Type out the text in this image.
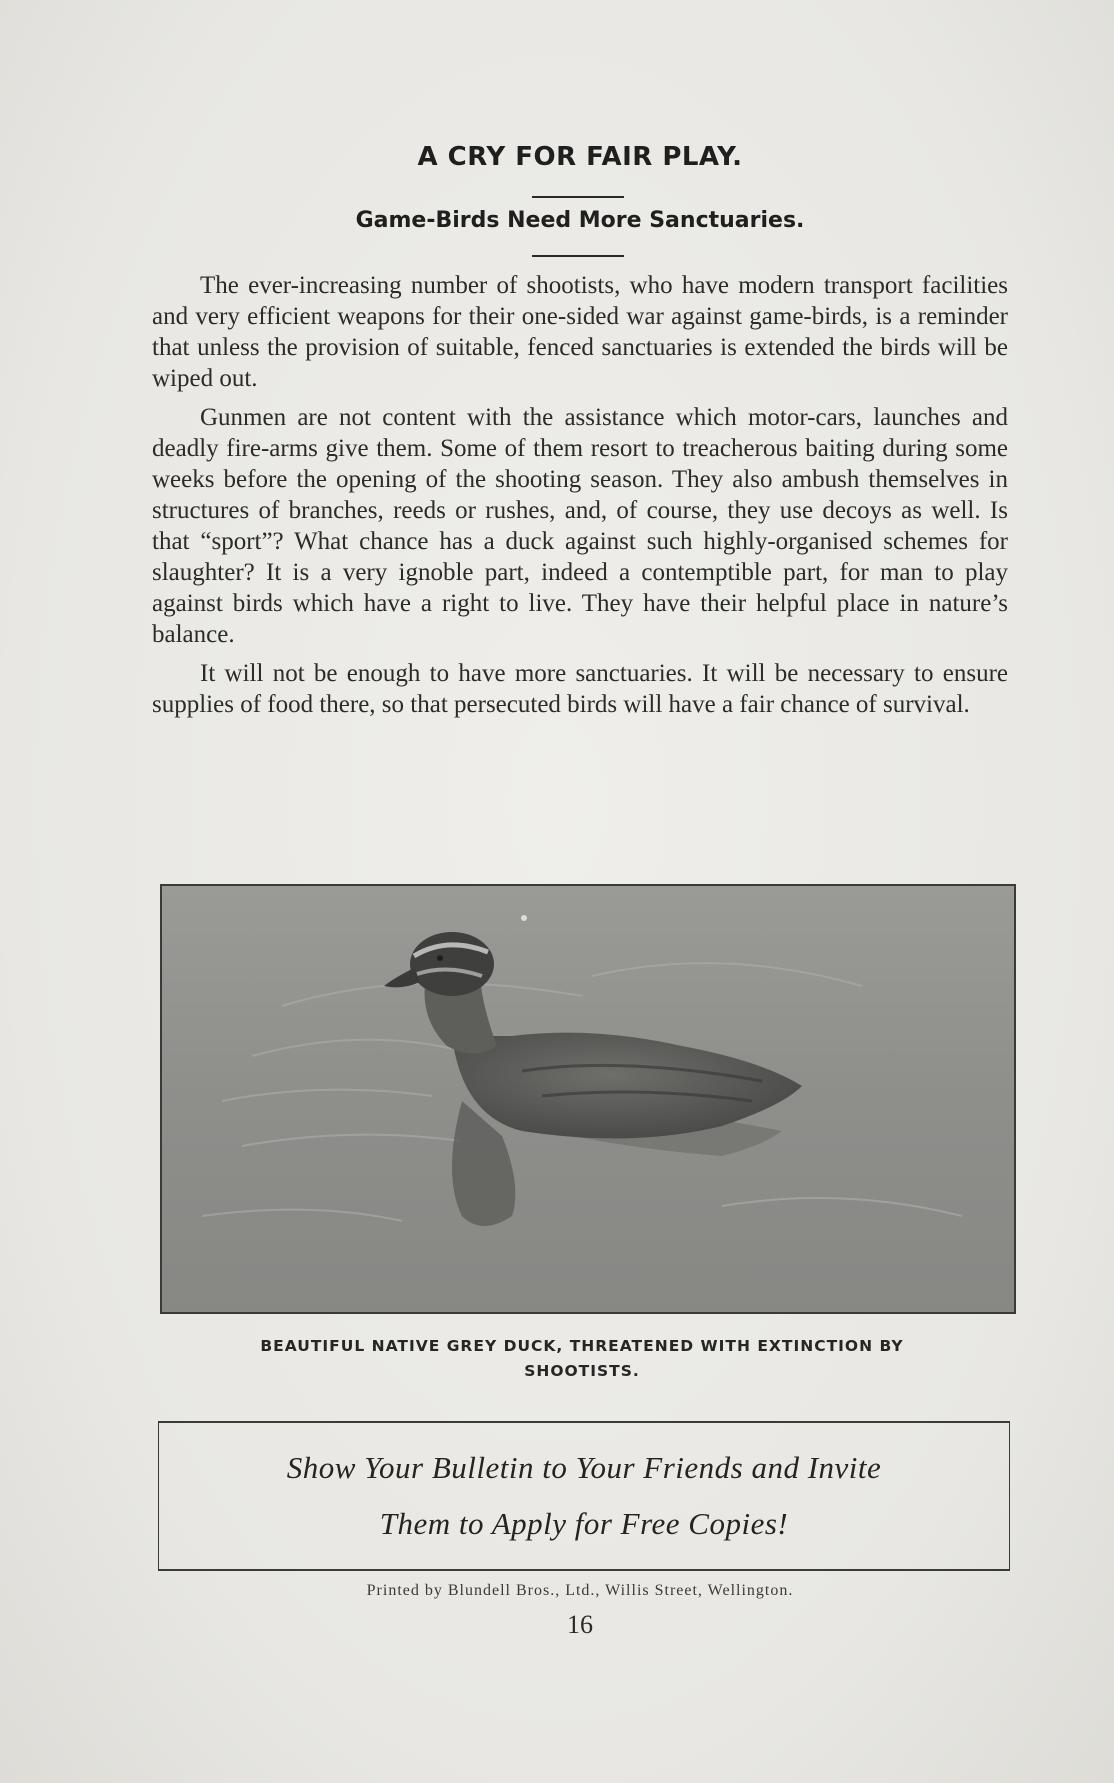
A CRY FOR FAIR PLAY.
Game-Birds Need More Sanctuaries.

The ever-increasing number of shootists, who have modern transport facilities and very efficient weapons for their one-sided war against game-birds, is a reminder that unless the provision of suitable, fenced sanctuaries is extended the birds will be wiped out.

Gunmen are not content with the assistance which motor-cars, launches and deadly fire-arms give them. Some of them resort to treacherous baiting during some weeks before the opening of the shooting season. They also ambush themselves in structures of branches, reeds or rushes, and, of course, they use decoys as well. Is that “sport”? What chance has a duck against such highly-organised schemes for slaughter? It is a very ignoble part, indeed a contemptible part, for man to play against birds which have a right to live. They have their helpful place in nature’s balance.

It will not be enough to have more sanctuaries. It will be necessary to ensure supplies of food there, so that persecuted birds will have a fair chance of survival.

BEAUTIFUL NATIVE GREY DUCK, THREATENED WITH EXTINCTION BY
SHOOTISTS.
Show Your Bulletin to Your Friends and Invite
Them to Apply for Free Copies!
Printed by Blundell Bros., Ltd., Willis Street, Wellington.
16
